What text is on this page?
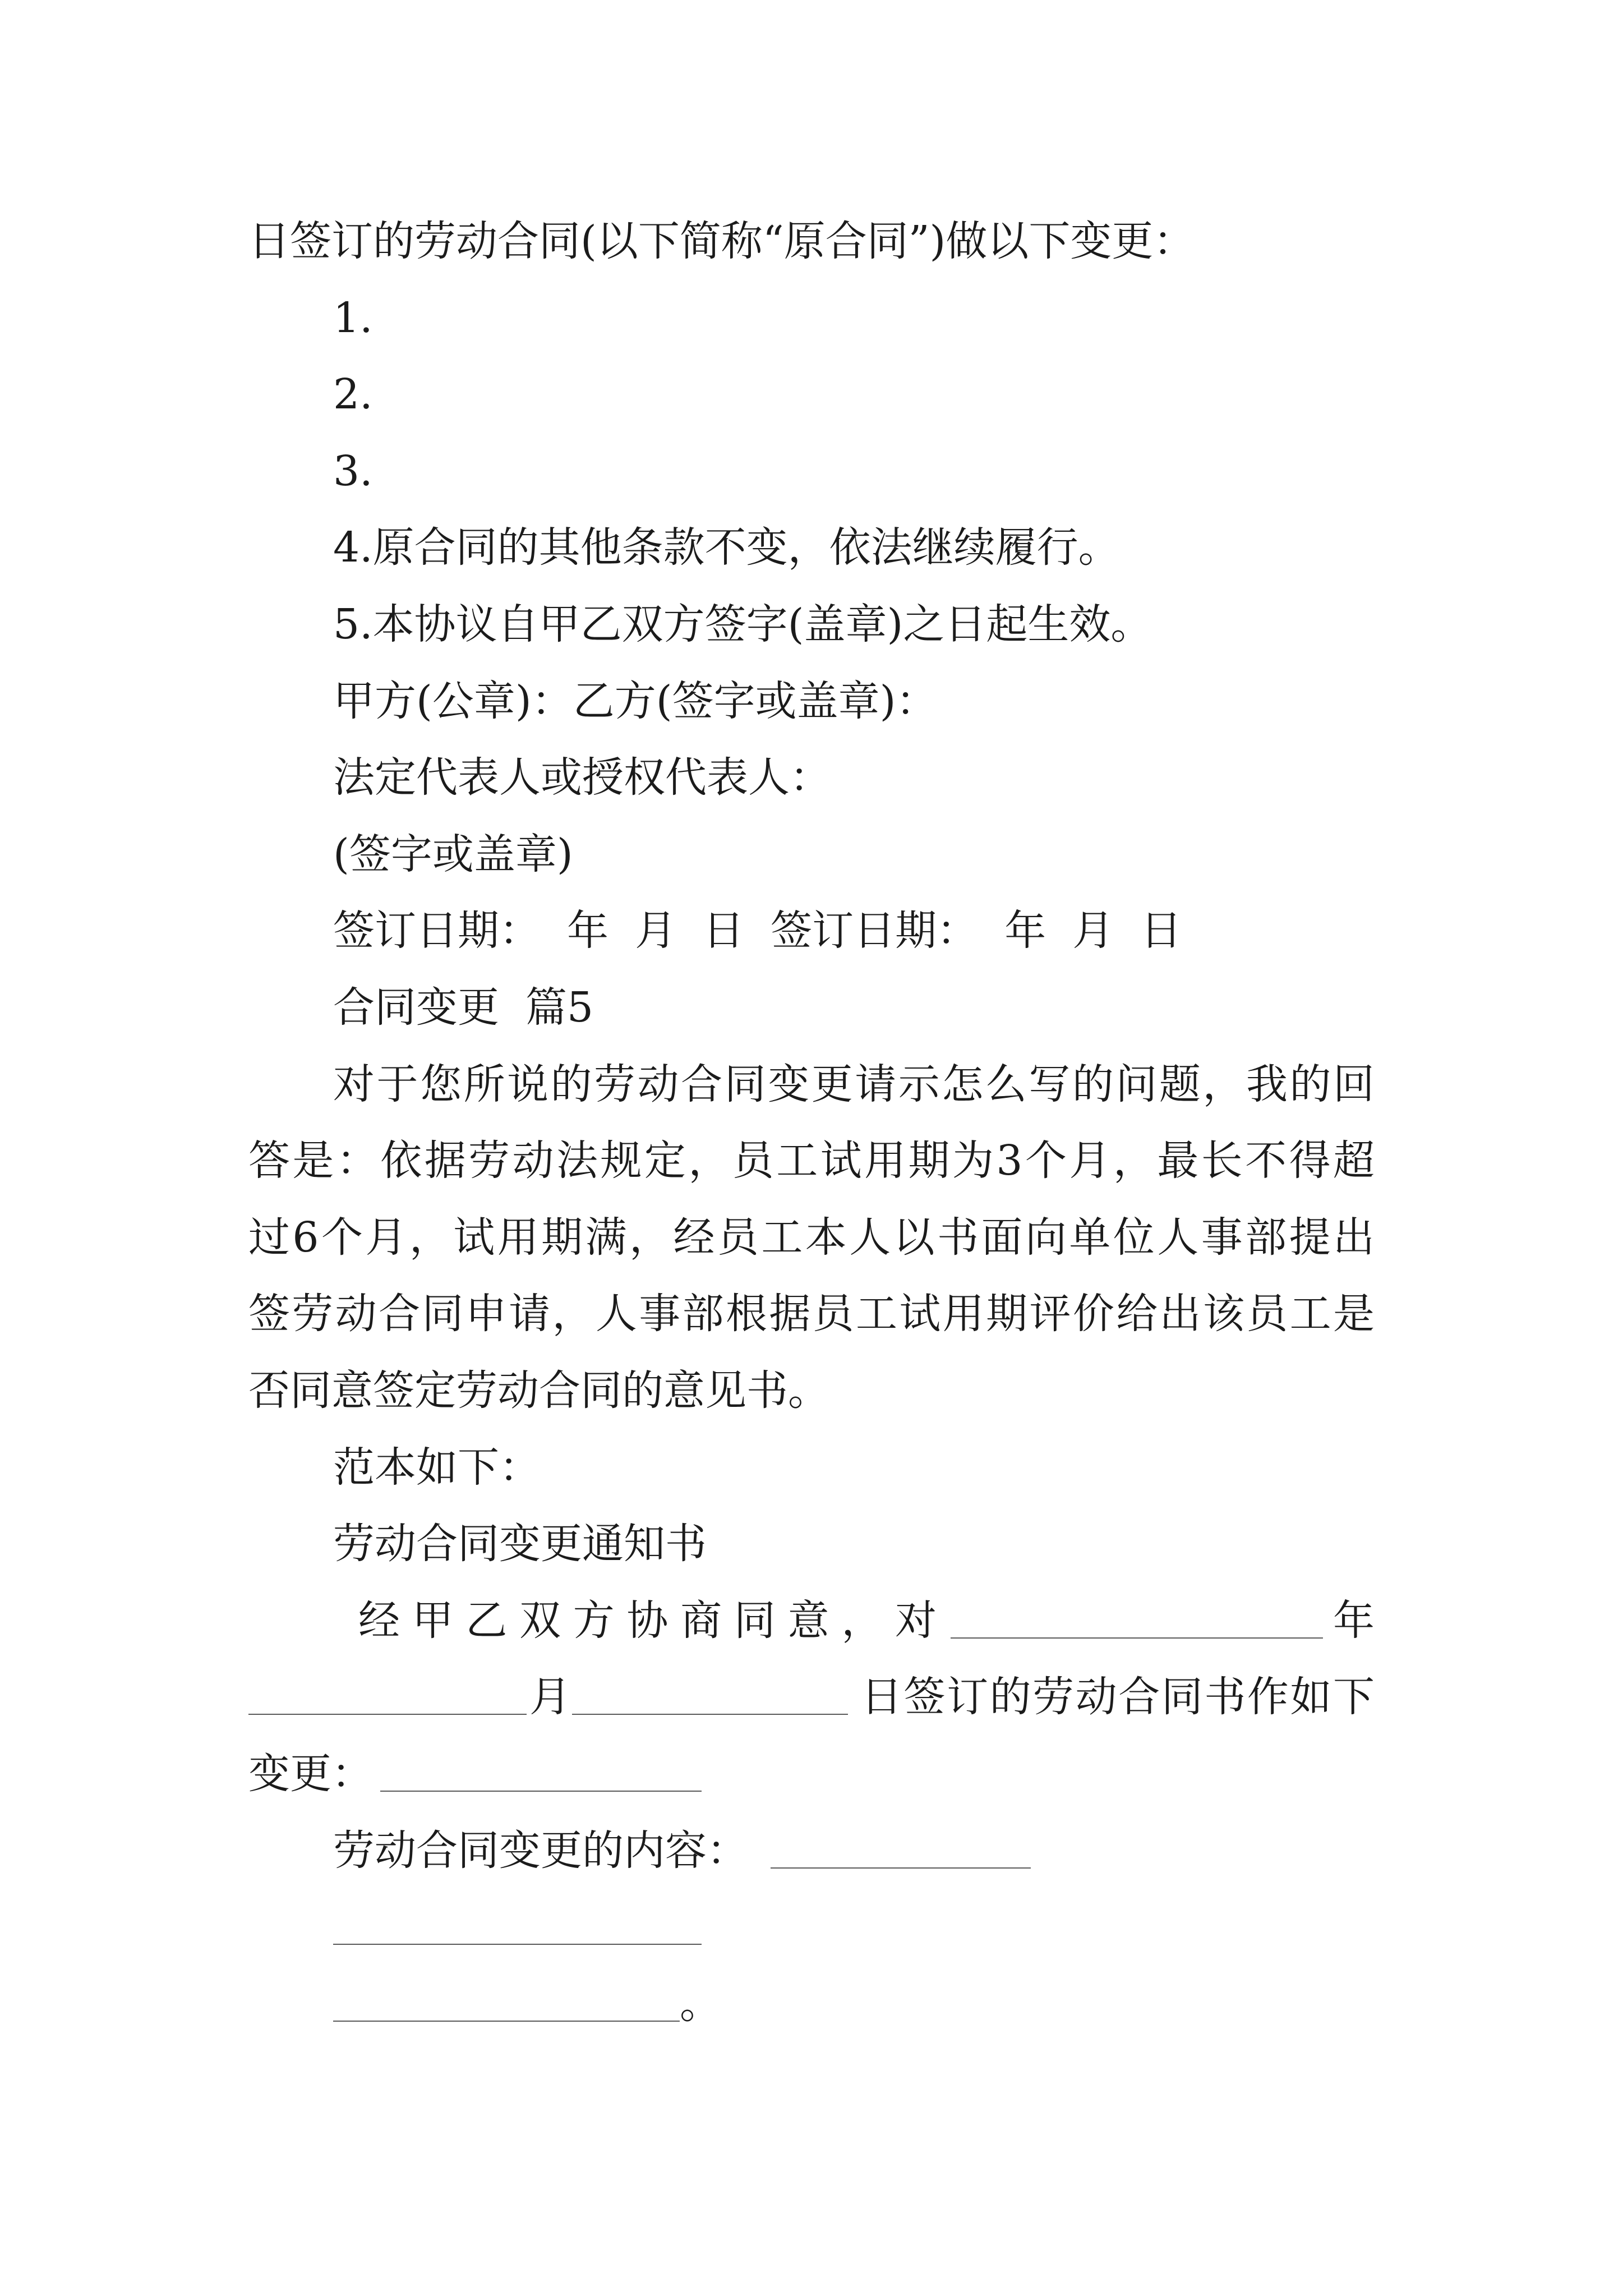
日签订的劳动合同(以下简称“原合同”)做以下变更：
1.
2.
3.
4.原合同的其他条款不变，依法继续履行。
5.本协议自甲乙双方签字(盖章)之日起生效。
甲方(公章)：乙方(签字或盖章)：
法定代表人或授权代表人：
(签字或盖章)
签订日期：  年  月  日  签订日期：  年  月  日
合同变更  篇5
对于您所说的劳动合同变更请示怎么写的问题，我的回
答是：依据劳动法规定，员工试用期为3个月，最长不得超
过6个月，试用期满，经员工本人以书面向单位人事部提出
签劳动合同申请，人事部根据员工试用期评价给出该员工是
否同意签定劳动合同的意见书。
范本如下：
劳动合同变更通知书
经甲乙双方协商同意，对	年
月	日签订的劳动合同书作如下
变更：
劳动合同变更的内容：
。
